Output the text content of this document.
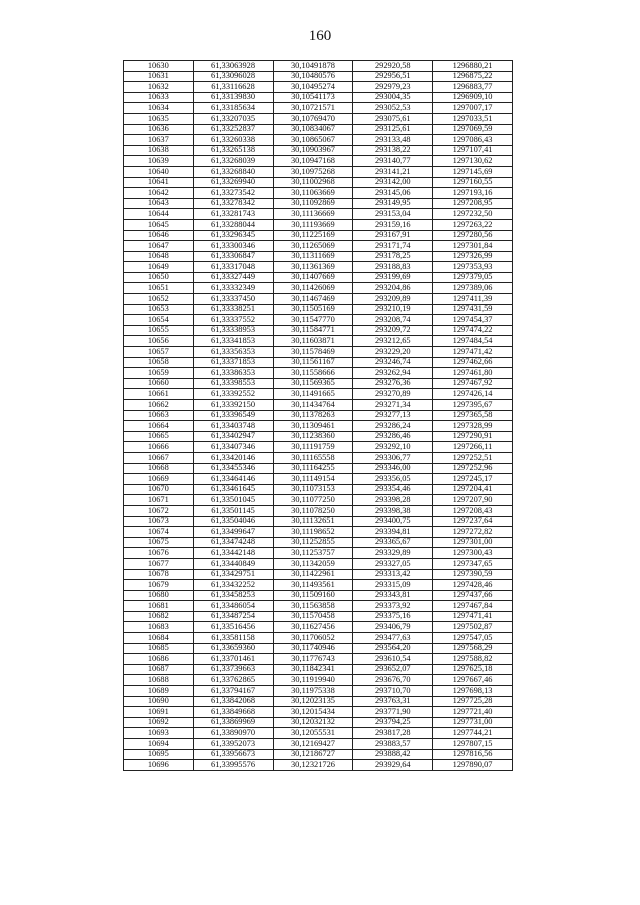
160
10630	61,33063928	30,10491878	292920,58	1296880,21
10631	61,33096028	30,10480576	292956,51	1296875,22
10632	61,33116628	30,10495274	292979,23	1296883,77
10633	61,33139830	30,10541173	293004,35	1296909,10
10634	61,33185634	30,10721571	293052,53	1297007,17
10635	61,33207035	30,10769470	293075,61	1297033,51
10636	61,33252837	30,10834067	293125,61	1297069,59
10637	61,33260338	30,10865067	293133,48	1297086,43
10638	61,33265138	30,10903967	293138,22	1297107,41
10639	61,33268039	30,10947168	293140,77	1297130,62
10640	61,33268840	30,10975268	293141,21	1297145,69
10641	61,33269940	30,11002968	293142,00	1297160,55
10642	61,33273542	30,11063669	293145,06	1297193,16
10643	61,33278342	30,11092869	293149,95	1297208,95
10644	61,33281743	30,11136669	293153,04	1297232,50
10645	61,33288044	30,11193669	293159,16	1297263,22
10646	61,33296345	30,11225169	293167,91	1297280,56
10647	61,33300346	30,11265069	293171,74	1297301,84
10648	61,33306847	30,11311669	293178,25	1297326,99
10649	61,33317048	30,11361369	293188,83	1297353,93
10650	61,33327449	30,11407669	293199,69	1297379,05
10651	61,33332349	30,11426069	293204,86	1297389,06
10652	61,33337450	30,11467469	293209,89	1297411,39
10653	61,33338251	30,11505169	293210,19	1297431,59
10654	61,33337552	30,11547770	293208,74	1297454,37
10655	61,33338953	30,11584771	293209,72	1297474,22
10656	61,33341853	30,11603871	293212,65	1297484,54
10657	61,33356353	30,11578469	293229,20	1297471,42
10658	61,33371853	30,11561167	293246,74	1297462,66
10659	61,33386353	30,11558666	293262,94	1297461,80
10660	61,33398553	30,11569365	293276,36	1297467,92
10661	61,33392552	30,11491665	293270,89	1297426,14
10662	61,33392150	30,11434764	293271,34	1297395,67
10663	61,33396549	30,11378263	293277,13	1297365,58
10664	61,33403748	30,11309461	293286,24	1297328,99
10665	61,33402947	30,11238360	293286,46	1297290,91
10666	61,33407346	30,11191759	293292,10	1297266,11
10667	61,33420146	30,11165558	293306,77	1297252,51
10668	61,33455346	30,11164255	293346,00	1297252,96
10669	61,33464146	30,11149154	293356,05	1297245,17
10670	61,33461645	30,11073153	293354,46	1297204,41
10671	61,33501045	30,11077250	293398,28	1297207,90
10672	61,33501145	30,11078250	293398,38	1297208,43
10673	61,33504046	30,11132651	293400,75	1297237,64
10674	61,33499647	30,11198652	293394,81	1297272,82
10675	61,33474248	30,11252855	293365,67	1297301,00
10676	61,33442148	30,11253757	293329,89	1297300,43
10677	61,33440849	30,11342059	293327,05	1297347,65
10678	61,33429751	30,11422961	293313,42	1297390,59
10679	61,33432252	30,11493561	293315,09	1297428,46
10680	61,33458253	30,11509160	293343,81	1297437,66
10681	61,33486054	30,11563858	293373,92	1297467,84
10682	61,33487254	30,11570458	293375,16	1297471,41
10683	61,33516456	30,11627456	293406,79	1297502,87
10684	61,33581158	30,11706052	293477,63	1297547,05
10685	61,33659360	30,11740946	293564,20	1297568,29
10686	61,33701461	30,11776743	293610,54	1297588,82
10687	61,33739663	30,11842341	293652,07	1297625,18
10688	61,33762865	30,11919940	293676,70	1297667,46
10689	61,33794167	30,11975338	293710,70	1297698,13
10690	61,33842068	30,12023135	293763,31	1297725,28
10691	61,33849668	30,12015434	293771,90	1297721,40
10692	61,33869969	30,12032132	293794,25	1297731,00
10693	61,33890970	30,12055531	293817,28	1297744,21
10694	61,33952073	30,12169427	293883,57	1297807,15
10695	61,33956673	30,12186727	293888,42	1297816,56
10696	61,33995576	30,12321726	293929,64	1297890,07
